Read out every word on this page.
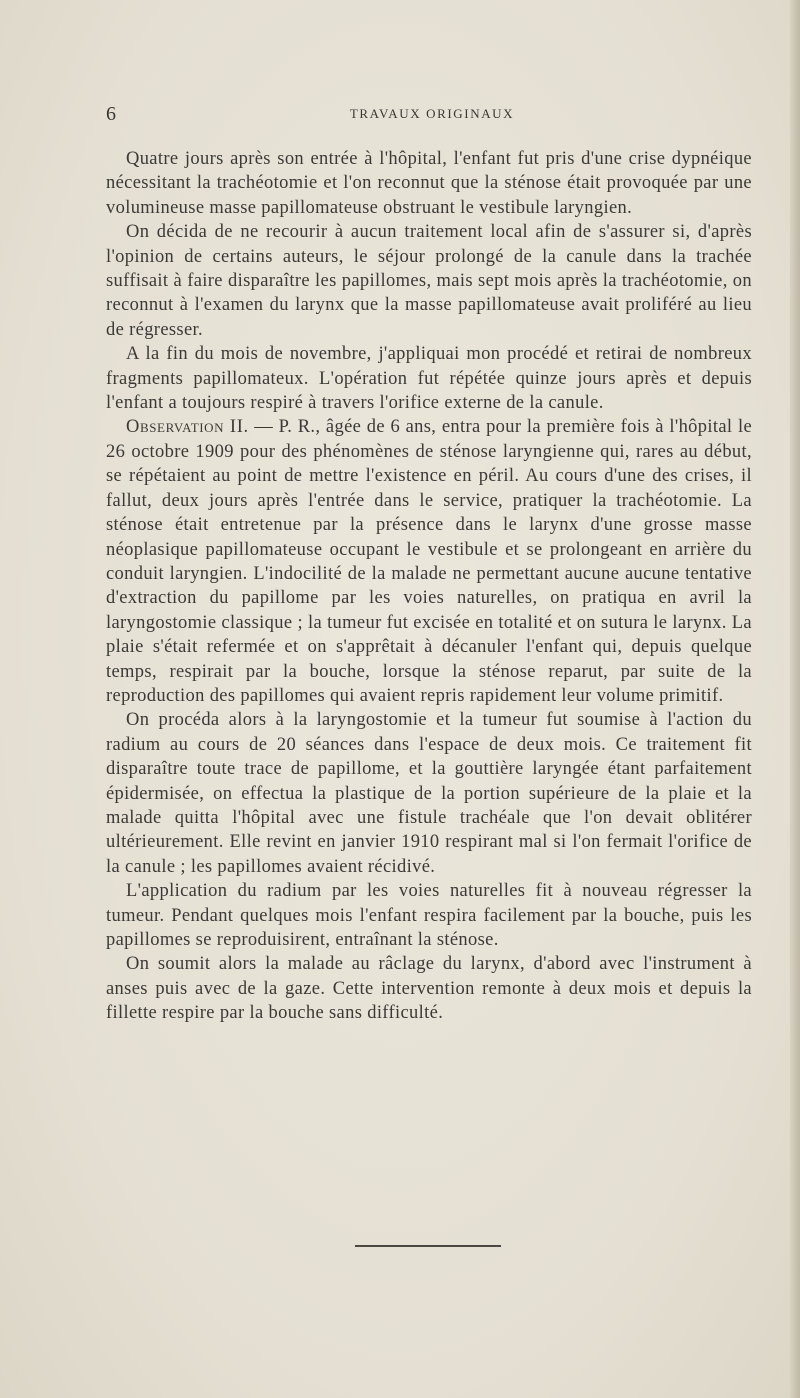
6	TRAVAUX ORIGINAUX

Quatre jours après son entrée à l'hôpital, l'enfant fut pris d'une crise dypnéique nécessitant la trachéotomie et l'on reconnut que la sténose était provoquée par une volumineuse masse papillomateuse obstruant le vestibule laryngien.

On décida de ne recourir à aucun traitement local afin de s'assurer si, d'après l'opinion de certains auteurs, le séjour prolongé de la canule dans la trachée suffisait à faire disparaître les papillomes, mais sept mois après la trachéotomie, on reconnut à l'examen du larynx que la masse papillomateuse avait proliféré au lieu de régresser.

A la fin du mois de novembre, j'appliquai mon procédé et retirai de nombreux fragments papillomateux. L'opération fut répétée quinze jours après et depuis l'enfant a toujours respiré à travers l'orifice externe de la canule.

Observation II. — P. R., âgée de 6 ans, entra pour la première fois à l'hôpital le 26 octobre 1909 pour des phénomènes de sténose laryngienne qui, rares au début, se répétaient au point de mettre l'existence en péril. Au cours d'une des crises, il fallut, deux jours après l'entrée dans le service, pratiquer la trachéotomie. La sténose était entretenue par la présence dans le larynx d'une grosse masse néoplasique papillomateuse occupant le vestibule et se prolongeant en arrière du conduit laryngien. L'indocilité de la malade ne permettant aucune aucune tentative d'extraction du papillome par les voies naturelles, on pratiqua en avril la laryngostomie classique ; la tumeur fut excisée en totalité et on sutura le larynx. La plaie s'était refermée et on s'apprêtait à décanuler l'enfant qui, depuis quelque temps, respirait par la bouche, lorsque la sténose reparut, par suite de la reproduction des papillomes qui avaient repris rapidement leur volume primitif.

On procéda alors à la laryngostomie et la tumeur fut soumise à l'action du radium au cours de 20 séances dans l'espace de deux mois. Ce traitement fit disparaître toute trace de papillome, et la gouttière laryngée étant parfaitement épidermisée, on effectua la plastique de la portion supérieure de la plaie et la malade quitta l'hôpital avec une fistule trachéale que l'on devait oblitérer ultérieurement. Elle revint en janvier 1910 respirant mal si l'on fermait l'orifice de la canule ; les papillomes avaient récidivé.

L'application du radium par les voies naturelles fit à nouveau régresser la tumeur. Pendant quelques mois l'enfant respira facilement par la bouche, puis les papillomes se reproduisirent, entraînant la sténose.

On soumit alors la malade au râclage du larynx, d'abord avec l'instrument à anses puis avec de la gaze. Cette intervention remonte à deux mois et depuis la fillette respire par la bouche sans difficulté.
